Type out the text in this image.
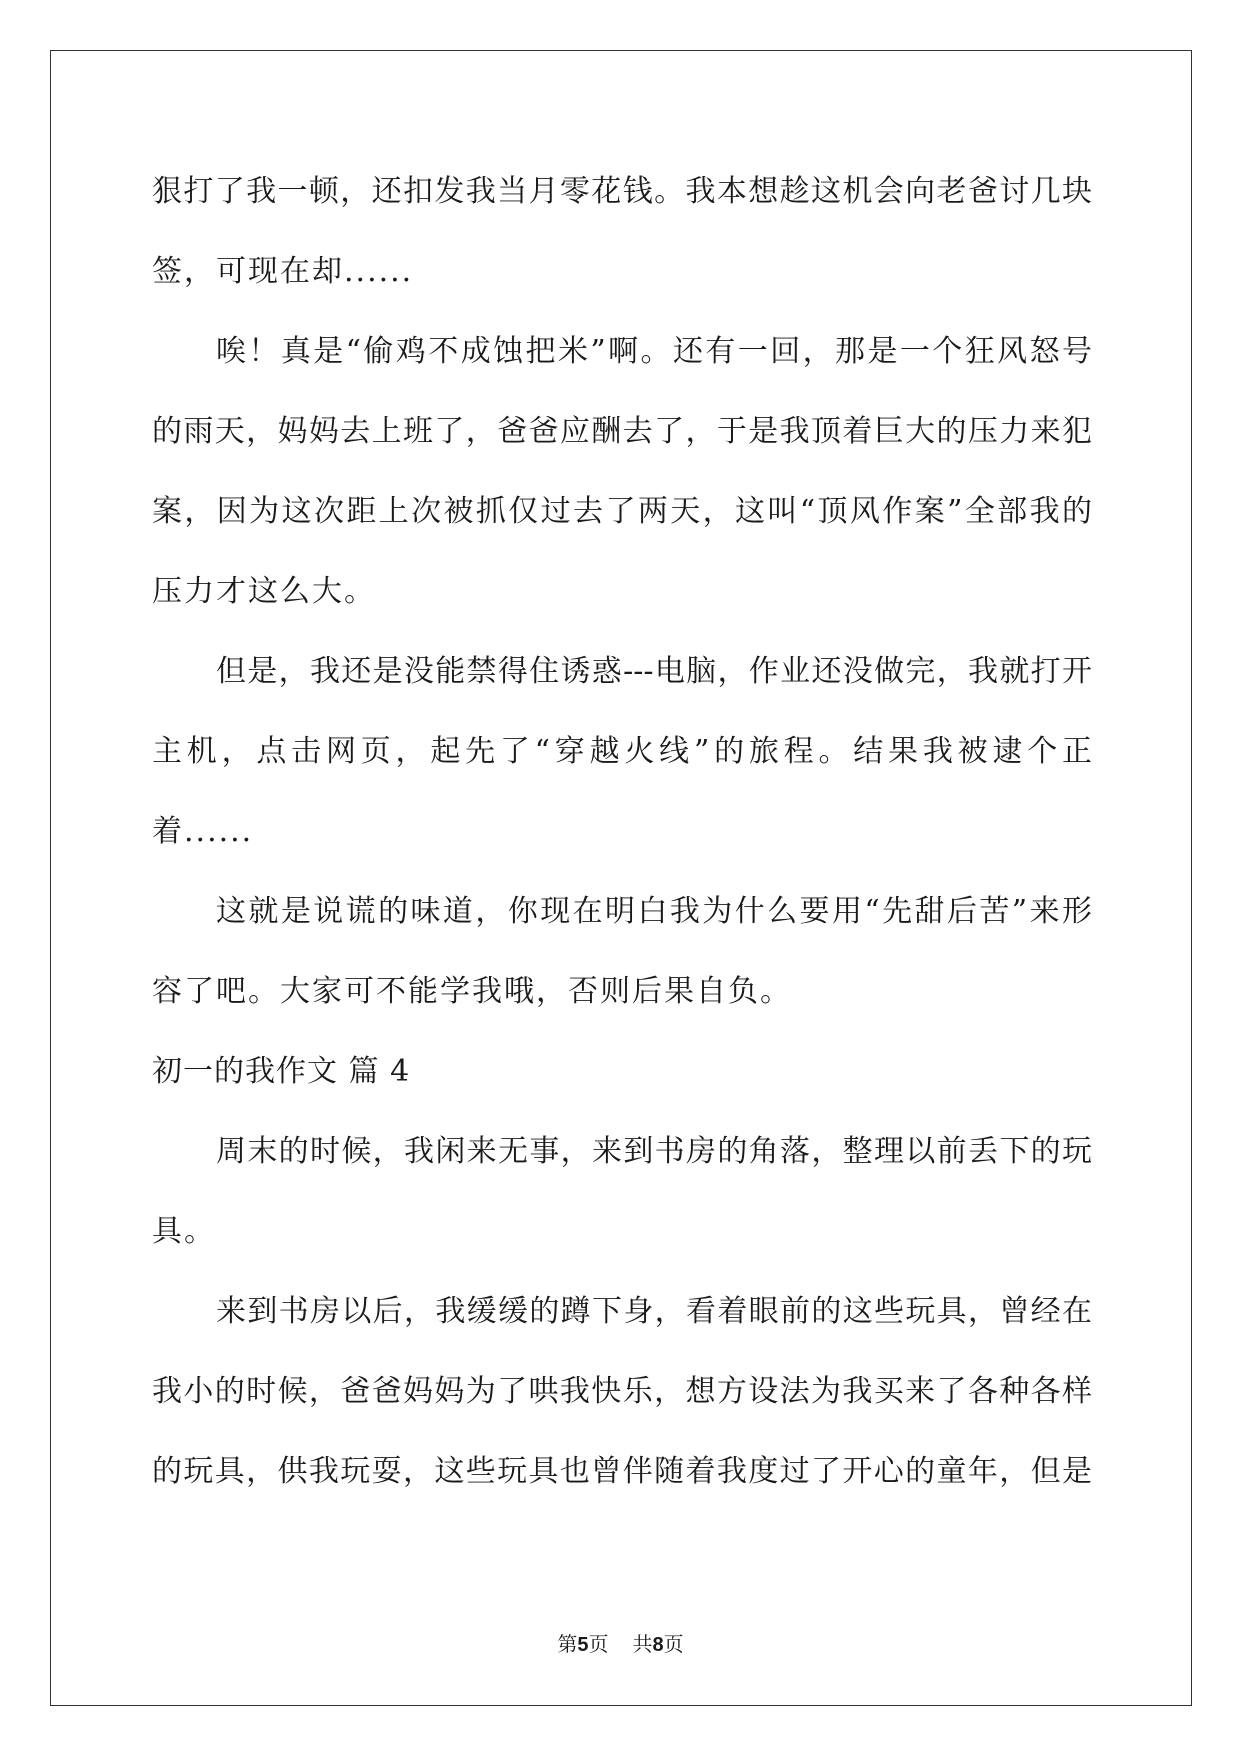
狠打了我一顿，还扣发我当月零花钱。我本想趁这机会向老爸讨几块
签，可现在却......
唉！真是“偷鸡不成蚀把米”啊。还有一回，那是一个狂风怒号
的雨天，妈妈去上班了，爸爸应酬去了，于是我顶着巨大的压力来犯
案，因为这次距上次被抓仅过去了两天，这叫“顶风作案”全部我的
压力才这么大。
但是，我还是没能禁得住诱惑---电脑，作业还没做完，我就打开
主机，点击网页，起先了“穿越火线”的旅程。结果我被逮个正
着......
这就是说谎的味道，你现在明白我为什么要用“先甜后苦”来形
容了吧。大家可不能学我哦，否则后果自负。
初一的我作文 篇 4
周末的时候，我闲来无事，来到书房的角落，整理以前丢下的玩
具。
来到书房以后，我缓缓的蹲下身，看着眼前的这些玩具，曾经在
我小的时候，爸爸妈妈为了哄我快乐，想方设法为我买来了各种各样
的玩具，供我玩耍，这些玩具也曾伴随着我度过了开心的童年，但是
第5页 共8页
